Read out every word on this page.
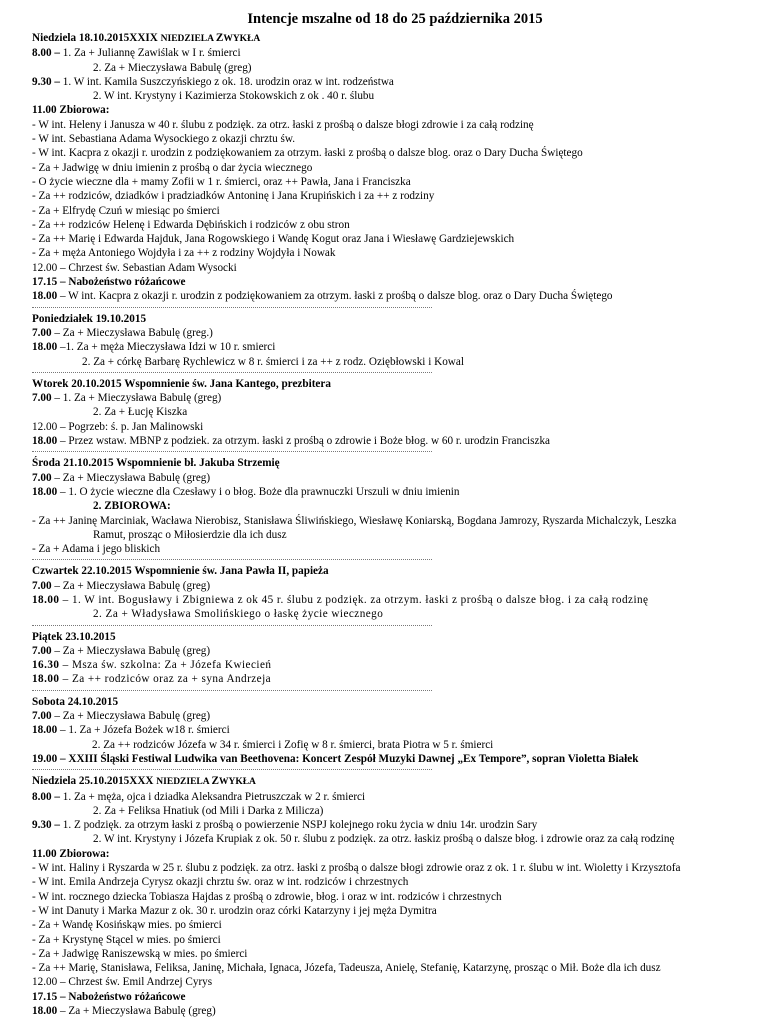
Intencje mszalne od 18 do 25 października 2015
Niedziela 18.10.2015XXIX NIEDZIELA ZWYKŁA
8.00 – 1. Za + Juliannę Zawiślak w I r. śmierci
2. Za + Mieczysława Babulę (greg)
9.30 – 1. W int. Kamila Suszczyńskiego z ok. 18. urodzin oraz w int. rodzeństwa
2. W int. Krystyny i Kazimierza Stokowskich z ok . 40 r. ślubu
11.00 Zbiorowa:
- W int. Heleny i Janusza w 40 r. ślubu z podzięk. za otrz. łaski z prośbą o dalsze błogi zdrowie i za całą rodzinę
- W int. Sebastiana Adama Wysockiego z okazji chrztu św.
- W int. Kacpra z okazji r. urodzin z podziękowaniem za otrzym. łaski z prośbą o dalsze blog. oraz o Dary Ducha Świętego
- Za + Jadwigę w dniu imienin z prośbą o dar życia wiecznego
- O życie wieczne dla + mamy Zofii w 1 r. śmierci, oraz ++ Pawła, Jana i Franciszka
- Za ++ rodziców, dziadków i pradziadków Antoninę i Jana Krupińskich i za ++ z rodziny
- Za + Elfrydę Czuń w miesiąc po śmierci
- Za ++ rodziców Helenę i Edwarda Dębińskich i rodziców z obu stron
- Za ++ Marię i Edwarda Hajduk, Jana Rogowskiego i Wandę Kogut oraz Jana i Wiesławę Gardziejewskich
- Za + męża Antoniego Wojdyła i za ++ z rodziny Wojdyła i Nowak
12.00 – Chrzest św. Sebastian Adam Wysocki
17.15 – Nabożeństwo różańcowe
18.00 – W int. Kacpra z okazji r. urodzin z podziękowaniem za otrzym. łaski z prośbą o dalsze blog. oraz o Dary Ducha Świętego
Poniedziałek 19.10.2015
7.00 – Za + Mieczysława Babulę (greg.)
18.00 –1. Za + męża Mieczysława Idzi w 10 r. smierci
2. Za + córkę Barbarę Rychlewicz w 8 r. śmierci i za ++ z rodz. Oziębłowski i Kowal
Wtorek 20.10.2015 Wspomnienie św. Jana Kantego, prezbitera
7.00 – 1. Za + Mieczysława Babulę (greg)
2. Za + Łucję Kiszka
12.00 – Pogrzeb: ś. p. Jan Malinowski
18.00 – Przez wstaw. MBNP z podziek. za otrzym. łaski z prośbą o zdrowie i Boże błog. w 60 r. urodzin Franciszka
Środa 21.10.2015 Wspomnienie bł. Jakuba Strzemię
7.00 – Za + Mieczysława Babulę (greg)
18.00 – 1. O życie wieczne dla Czesławy i o błog. Boże dla prawnuczki Urszuli w dniu imienin
2. ZBIOROWA:
- Za ++ Janinę Marciniak, Wacława Nierobisz, Stanisława Śliwińskiego, Wiesławę Koniarską, Bogdana Jamrozy, Ryszarda Michalczyk, Leszka
Ramut, prosząc o Miłosierdzie dla ich dusz
- Za + Adama i jego bliskich
Czwartek 22.10.2015 Wspomnienie św. Jana Pawła II, papieża
7.00 – Za + Mieczysława Babulę (greg)
18.00 – 1. W int. Bogusławy i Zbigniewa z ok 45 r. ślubu z podzięk. za otrzym. łaski z prośbą o dalsze błog. i za całą rodzinę
2. Za + Władysława Smolińskiego o łaskę życie wiecznego
Piątek 23.10.2015
7.00 – Za + Mieczysława Babulę (greg)
16.30 – Msza św. szkolna: Za + Józefa Kwiecień
18.00 – Za ++ rodziców oraz za + syna Andrzeja
Sobota 24.10.2015
7.00 – Za + Mieczysława Babulę (greg)
18.00 – 1. Za + Józefa Bożek w18 r. śmierci
2. Za ++ rodziców Józefa w 34 r. śmierci i Zofię w 8 r. śmierci, brata Piotra w 5 r. śmierci
19.00 – XXIII Śląski Festiwal Ludwika van Beethovena: Koncert Zespół Muzyki Dawnej „Ex Tempore”, sopran Violetta Białek
Niedziela 25.10.2015XXX NIEDZIELA ZWYKŁA
8.00 – 1. Za + męża, ojca i dziadka Aleksandra Pietruszczak w 2 r. śmierci
2. Za + Feliksa Hnatiuk (od Mili i Darka z Milicza)
9.30 – 1. Z podzięk. za otrzym łaski z prośbą o powierzenie NSPJ kolejnego roku życia w dniu 14r. urodzin Sary
2. W int. Krystyny i Józefa Krupiak z ok. 50 r. ślubu z podzięk. za otrz. łaskiz prośbą o dalsze błog. i zdrowie oraz za całą rodzinę
11.00 Zbiorowa:
- W int. Haliny i Ryszarda w 25 r. ślubu z podzięk. za otrz. łaski z prośbą o dalsze błogi zdrowie oraz z ok. 1 r. ślubu w int. Wioletty i Krzysztofa
- W int. Emila Andrzeja Cyrysz okazji chrztu św. oraz w int. rodziców i chrzestnych
- W int. rocznego dziecka Tobiasza Hajdas z prośbą o zdrowie, błog. i oraz w int. rodziców i chrzestnych
- W int Danuty i Marka Mazur z ok. 30 r. urodzin oraz córki Katarzyny i jej męża Dymitra
- Za + Wandę Kosińskąw mies. po śmierci
- Za + Krystynę Stącel w mies. po śmierci
- Za + Jadwigę Raniszewską w mies. po śmierci
- Za ++ Marię, Stanisława, Feliksa, Janinę, Michała, Ignaca, Józefa, Tadeusza, Anielę, Stefanię, Katarzynę, prosząc o Mił. Boże dla ich dusz
12.00 – Chrzest św. Emil Andrzej Cyrys
17.15 – Nabożeństwo różańcowe
18.00 – Za + Mieczysława Babulę (greg)
